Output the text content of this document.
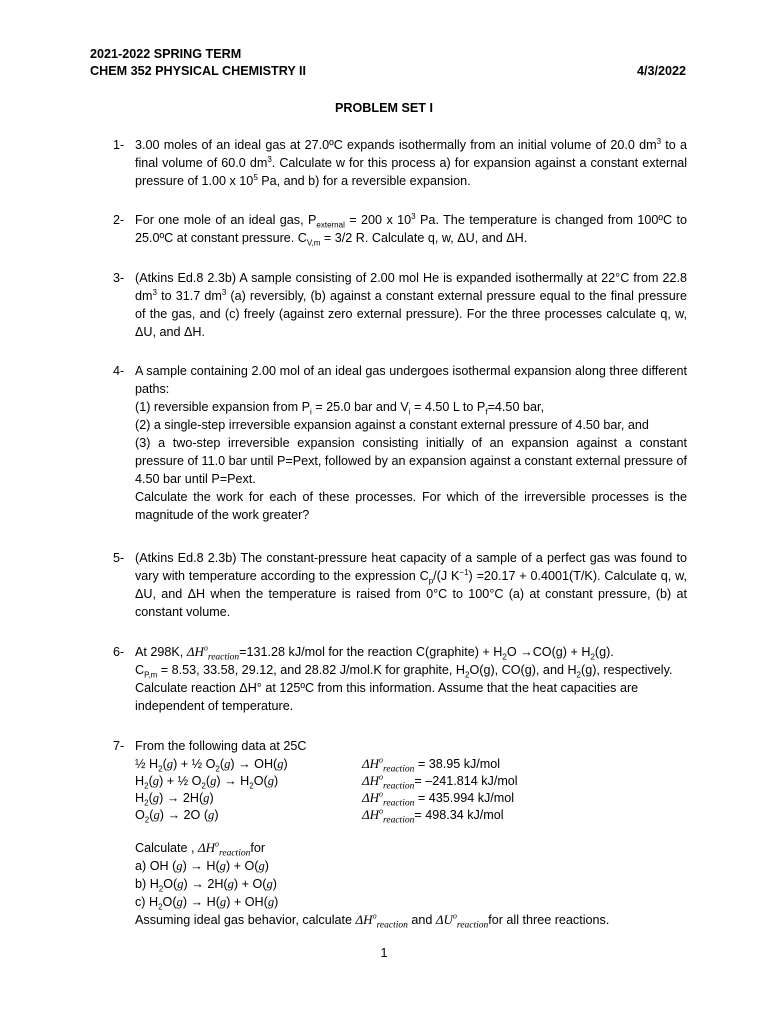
2021-2022 SPRING TERM
CHEM 352 PHYSICAL CHEMISTRY II	4/3/2022
PROBLEM SET I
1- 3.00 moles of an ideal gas at 27.0ºC expands isothermally from an initial volume of 20.0 $dm^3$ to a final volume of 60.0 $dm^3$. Calculate w for this process a) for expansion against a constant external pressure of 1.00 x $10^5$ Pa, and b) for a reversible expansion.
2- For one mole of an ideal gas, $P_{external} = 200$ x $10^3$ Pa. The temperature is changed from 100ºC to 25.0ºC at constant pressure. $C_{V,m} = 3/2$ R. Calculate q, w, ΔU, and ΔH.
3- (Atkins Ed.8 2.3b) A sample consisting of 2.00 mol He is expanded isothermally at 22°C from 22.8 $dm^3$ to 31.7 $dm^3$ (a) reversibly, (b) against a constant external pressure equal to the final pressure of the gas, and (c) freely (against zero external pressure). For the three processes calculate q, w, ΔU, and ΔH.
4- A sample containing 2.00 mol of an ideal gas undergoes isothermal expansion along three different paths:

(1) reversible expansion from $P_i = 25.0$ bar and $V_i = 4.50$ L to $P_f=4.50$ bar,

(2) a single-step irreversible expansion against a constant external pressure of 4.50 bar, and

(3) a two-step irreversible expansion consisting initially of an expansion against a constant pressure of 11.0 bar until P=Pext, followed by an expansion against a constant external pressure of 4.50 bar until P=Pext.

Calculate the work for each of these processes. For which of the irreversible processes is the magnitude of the work greater?

5- (Atkins Ed.8 2.3b) The constant-pressure heat capacity of a sample of a perfect gas was found to vary with temperature according to the expression $C_p/(J$ $K^{-1}) =20.17 + 0.4001(T/K)$. Calculate q, w, ΔU, and ΔH when the temperature is raised from 0°C to 100°C (a) at constant pressure, (b) at constant volume.
6- At 298K, $\Delta H^o_{reaction}=131.28$ kJ/mol for the reaction C(graphite) + $H_2O \to CO(g) + H_2(g)$.

$C_{P,m} = 8.53$, 33.58, 29.12, and 28.82 J/mol.K for graphite, $H_2O(g)$, CO(g), and $H_2(g)$, respectively. Calculate reaction ΔH° at 125ºC from this information. Assume that the heat capacities are independent of temperature.

7- From the following data at 25C

½ $H_2(g)$ + ½ $O_2(g) \to OH(g)$	$\Delta H^o_{reaction} = 38.95$ kJ/mol
$H_2(g)$ + ½ $O_2(g) \to H_2O(g)$	$\Delta H^o_{reaction}= -241.814$ kJ/mol
$H_2(g) \to 2H(g)$	$\Delta H^o_{reaction} = 435.994$ kJ/mol
$O_2(g) \to 2O$ (g)	$\Delta H^o_{reaction}= 498.34$ kJ/mol

Calculate , $\Delta H^o_{reaction}for$

a) OH (g) → H(g) + O(g)

b) $H_2O(g) \to 2H(g) + O(g)$

c) $H_2O(g) \to H(g) + OH(g)$

Assuming ideal gas behavior, calculate $\Delta H^o_{reaction}$ and $\Delta U^o_{reaction}for$ all three reactions.

1
